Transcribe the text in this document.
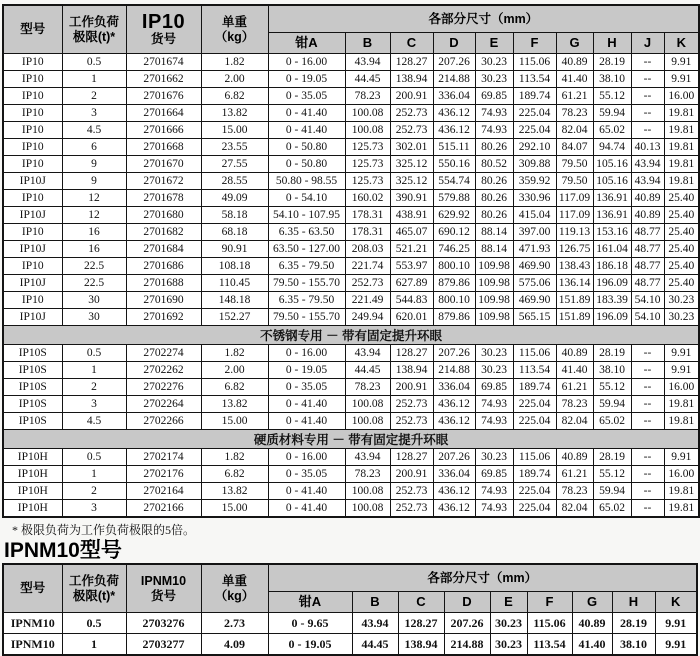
型号	工作负荷
极限(t)*	IP10
货号	单重
（kg）	各部分尺寸（mm）									
				钳A	B	C	D	E	F	G	H	J	K
IP10	0.5	2701674	1.82	0 - 16.00	43.94	128.27	207.26	30.23	115.06	40.89	28.19	--	9.91
IP10	1	2701662	2.00	0 - 19.05	44.45	138.94	214.88	30.23	113.54	41.40	38.10	--	9.91
IP10	2	2701676	6.82	0 - 35.05	78.23	200.91	336.04	69.85	189.74	61.21	55.12	--	16.00
IP10	3	2701664	13.82	0 - 41.40	100.08	252.73	436.12	74.93	225.04	78.23	59.94	--	19.81
IP10	4.5	2701666	15.00	0 - 41.40	100.08	252.73	436.12	74.93	225.04	82.04	65.02	--	19.81
IP10	6	2701668	23.55	0 - 50.80	125.73	302.01	515.11	80.26	292.10	84.07	94.74	40.13	19.81
IP10	9	2701670	27.55	0 - 50.80	125.73	325.12	550.16	80.52	309.88	79.50	105.16	43.94	19.81
IP10J	9	2701672	28.55	50.80 - 98.55	125.73	325.12	554.74	80.26	359.92	79.50	105.16	43.94	19.81
IP10	12	2701678	49.09	0 - 54.10	160.02	390.91	579.88	80.26	330.96	117.09	136.91	40.89	25.40
IP10J	12	2701680	58.18	54.10 - 107.95	178.31	438.91	629.92	80.26	415.04	117.09	136.91	40.89	25.40
IP10	16	2701682	68.18	6.35 - 63.50	178.31	465.07	690.12	88.14	397.00	119.13	153.16	48.77	25.40
IP10J	16	2701684	90.91	63.50 - 127.00	208.03	521.21	746.25	88.14	471.93	126.75	161.04	48.77	25.40
IP10	22.5	2701686	108.18	6.35 - 79.50	221.74	553.97	800.10	109.98	469.90	138.43	186.18	48.77	25.40
IP10J	22.5	2701688	110.45	79.50 - 155.70	252.73	627.89	879.86	109.98	575.06	136.14	196.09	48.77	25.40
IP10	30	2701690	148.18	6.35 - 79.50	221.49	544.83	800.10	109.98	469.90	151.89	183.39	54.10	30.23
IP10J	30	2701692	152.27	79.50 - 155.70	249.94	620.01	879.86	109.98	565.15	151.89	196.09	54.10	30.23
不锈钢专用 － 带有固定提升环眼													
IP10S	0.5	2702274	1.82	0 - 16.00	43.94	128.27	207.26	30.23	115.06	40.89	28.19	--	9.91
IP10S	1	2702262	2.00	0 - 19.05	44.45	138.94	214.88	30.23	113.54	41.40	38.10	--	9.91
IP10S	2	2702276	6.82	0 - 35.05	78.23	200.91	336.04	69.85	189.74	61.21	55.12	--	16.00
IP10S	3	2702264	13.82	0 - 41.40	100.08	252.73	436.12	74.93	225.04	78.23	59.94	--	19.81
IP10S	4.5	2702266	15.00	0 - 41.40	100.08	252.73	436.12	74.93	225.04	82.04	65.02	--	19.81
硬质材料专用 － 带有固定提升环眼													
IP10H	0.5	2702174	1.82	0 - 16.00	43.94	128.27	207.26	30.23	115.06	40.89	28.19	--	9.91
IP10H	1	2702176	6.82	0 - 35.05	78.23	200.91	336.04	69.85	189.74	61.21	55.12	--	16.00
IP10H	2	2702164	13.82	0 - 41.40	100.08	252.73	436.12	74.93	225.04	78.23	59.94	--	19.81
IP10H	3	2702166	15.00	0 - 41.40	100.08	252.73	436.12	74.93	225.04	82.04	65.02	--	19.81
* 极限负荷为工作负荷极限的5倍。
IPNM10型号
型号	工作负荷
极限(t)*	IPNM10
货号	单重
（kg）	各部分尺寸（mm）								
				钳A	B	C	D	E	F	G	H	K
IPNM10	0.5	2703276	2.73	0 - 9.65	43.94	128.27	207.26	30.23	115.06	40.89	28.19	9.91
IPNM10	1	2703277	4.09	0 - 19.05	44.45	138.94	214.88	30.23	113.54	41.40	38.10	9.91
